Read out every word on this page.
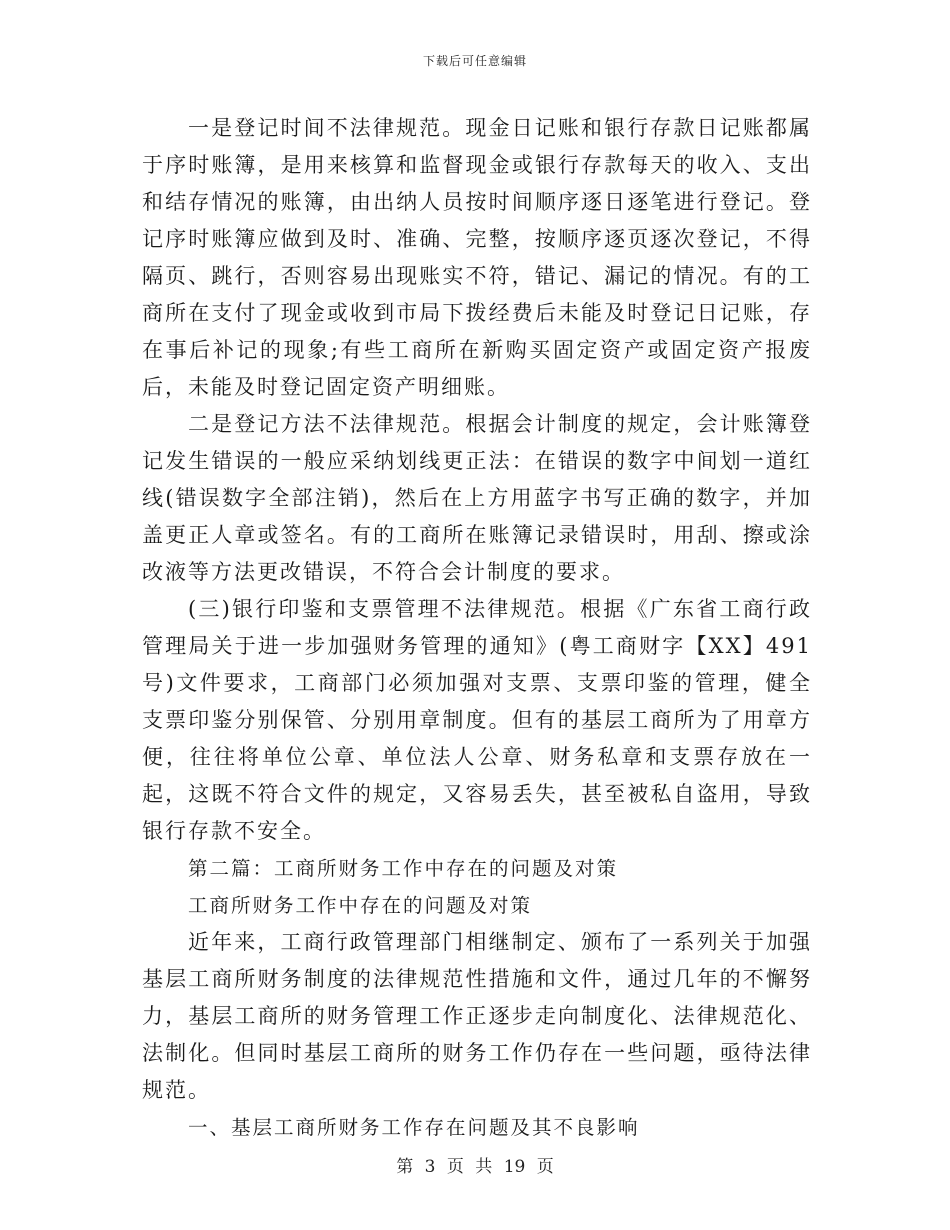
下载后可任意编辑

一是登记时间不法律规范。现金日记账和银行存款日记账都属于序时账簿，是用来核算和监督现金或银行存款每天的收入、支出和结存情况的账簿，由出纳人员按时间顺序逐日逐笔进行登记。登记序时账簿应做到及时、准确、完整，按顺序逐页逐次登记，不得隔页、跳行，否则容易出现账实不符，错记、漏记的情况。有的工商所在支付了现金或收到市局下拨经费后未能及时登记日记账，存在事后补记的现象;有些工商所在新购买固定资产或固定资产报废后，未能及时登记固定资产明细账。

二是登记方法不法律规范。根据会计制度的规定，会计账簿登记发生错误的一般应采纳划线更正法：在错误的数字中间划一道红线(错误数字全部注销)，然后在上方用蓝字书写正确的数字，并加盖更正人章或签名。有的工商所在账簿记录错误时，用刮、擦或涂改液等方法更改错误，不符合会计制度的要求。

(三)银行印鉴和支票管理不法律规范。根据《广东省工商行政管理局关于进一步加强财务管理的通知》(粤工商财字【XX】491号)文件要求，工商部门必须加强对支票、支票印鉴的管理，健全支票印鉴分别保管、分别用章制度。但有的基层工商所为了用章方便，往往将单位公章、单位法人公章、财务私章和支票存放在一起，这既不符合文件的规定，又容易丢失，甚至被私自盗用，导致银行存款不安全。

第二篇：工商所财务工作中存在的问题及对策

工商所财务工作中存在的问题及对策

近年来，工商行政管理部门相继制定、颁布了一系列关于加强基层工商所财务制度的法律规范性措施和文件，通过几年的不懈努力，基层工商所的财务管理工作正逐步走向制度化、法律规范化、法制化。但同时基层工商所的财务工作仍存在一些问题，亟待法律规范。

一、基层工商所财务工作存在问题及其不良影响

第 3 页 共 19 页
